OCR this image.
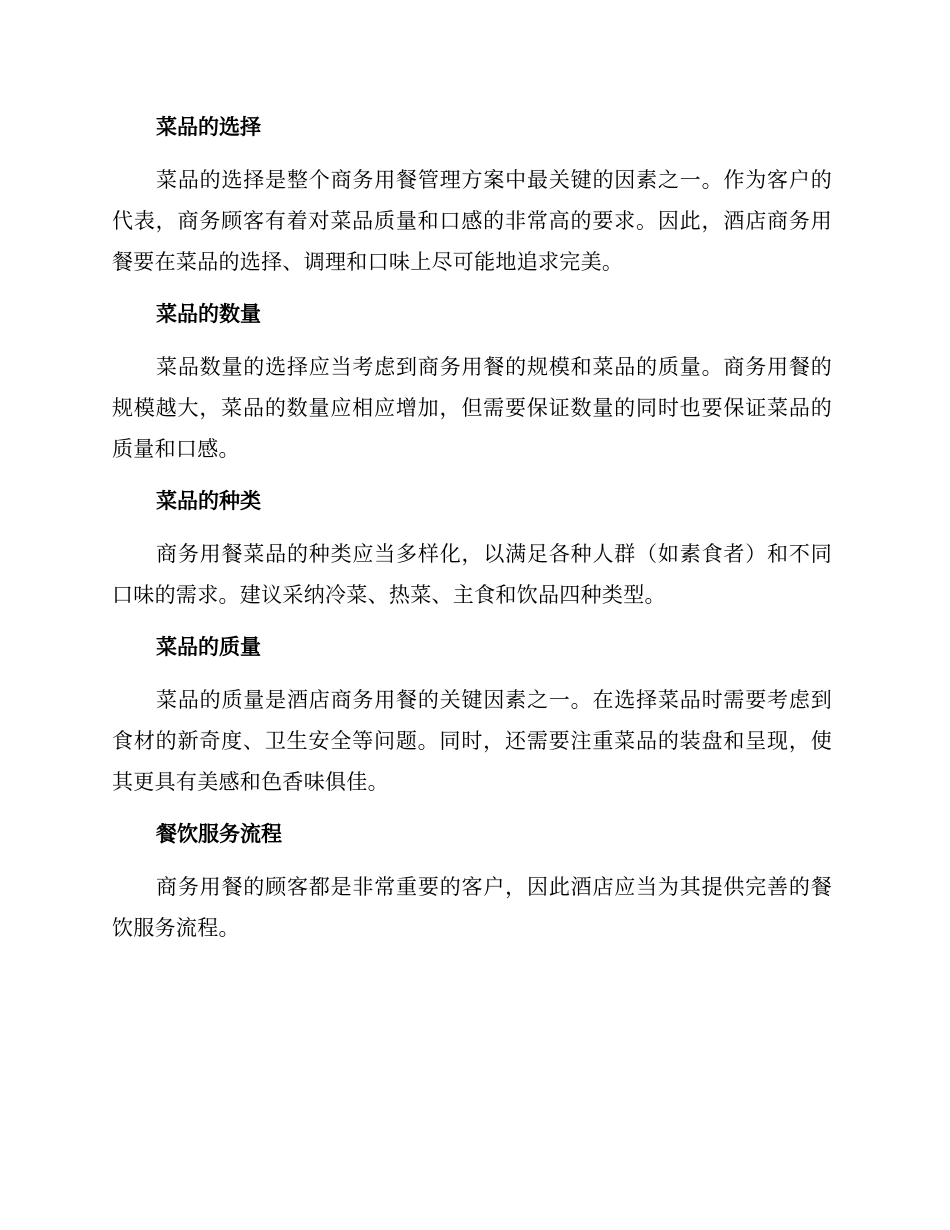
菜品的选择

菜品的选择是整个商务用餐管理方案中最关键的因素之一。作为客户的代表，商务顾客有着对菜品质量和口感的非常高的要求。因此，酒店商务用餐要在菜品的选择、调理和口味上尽可能地追求完美。

菜品的数量

菜品数量的选择应当考虑到商务用餐的规模和菜品的质量。商务用餐的规模越大，菜品的数量应相应增加，但需要保证数量的同时也要保证菜品的质量和口感。

菜品的种类

商务用餐菜品的种类应当多样化，以满足各种人群（如素食者）和不同口味的需求。建议采纳冷菜、热菜、主食和饮品四种类型。

菜品的质量

菜品的质量是酒店商务用餐的关键因素之一。在选择菜品时需要考虑到食材的新奇度、卫生安全等问题。同时，还需要注重菜品的装盘和呈现，使其更具有美感和色香味俱佳。

餐饮服务流程

商务用餐的顾客都是非常重要的客户，因此酒店应当为其提供完善的餐饮服务流程。
